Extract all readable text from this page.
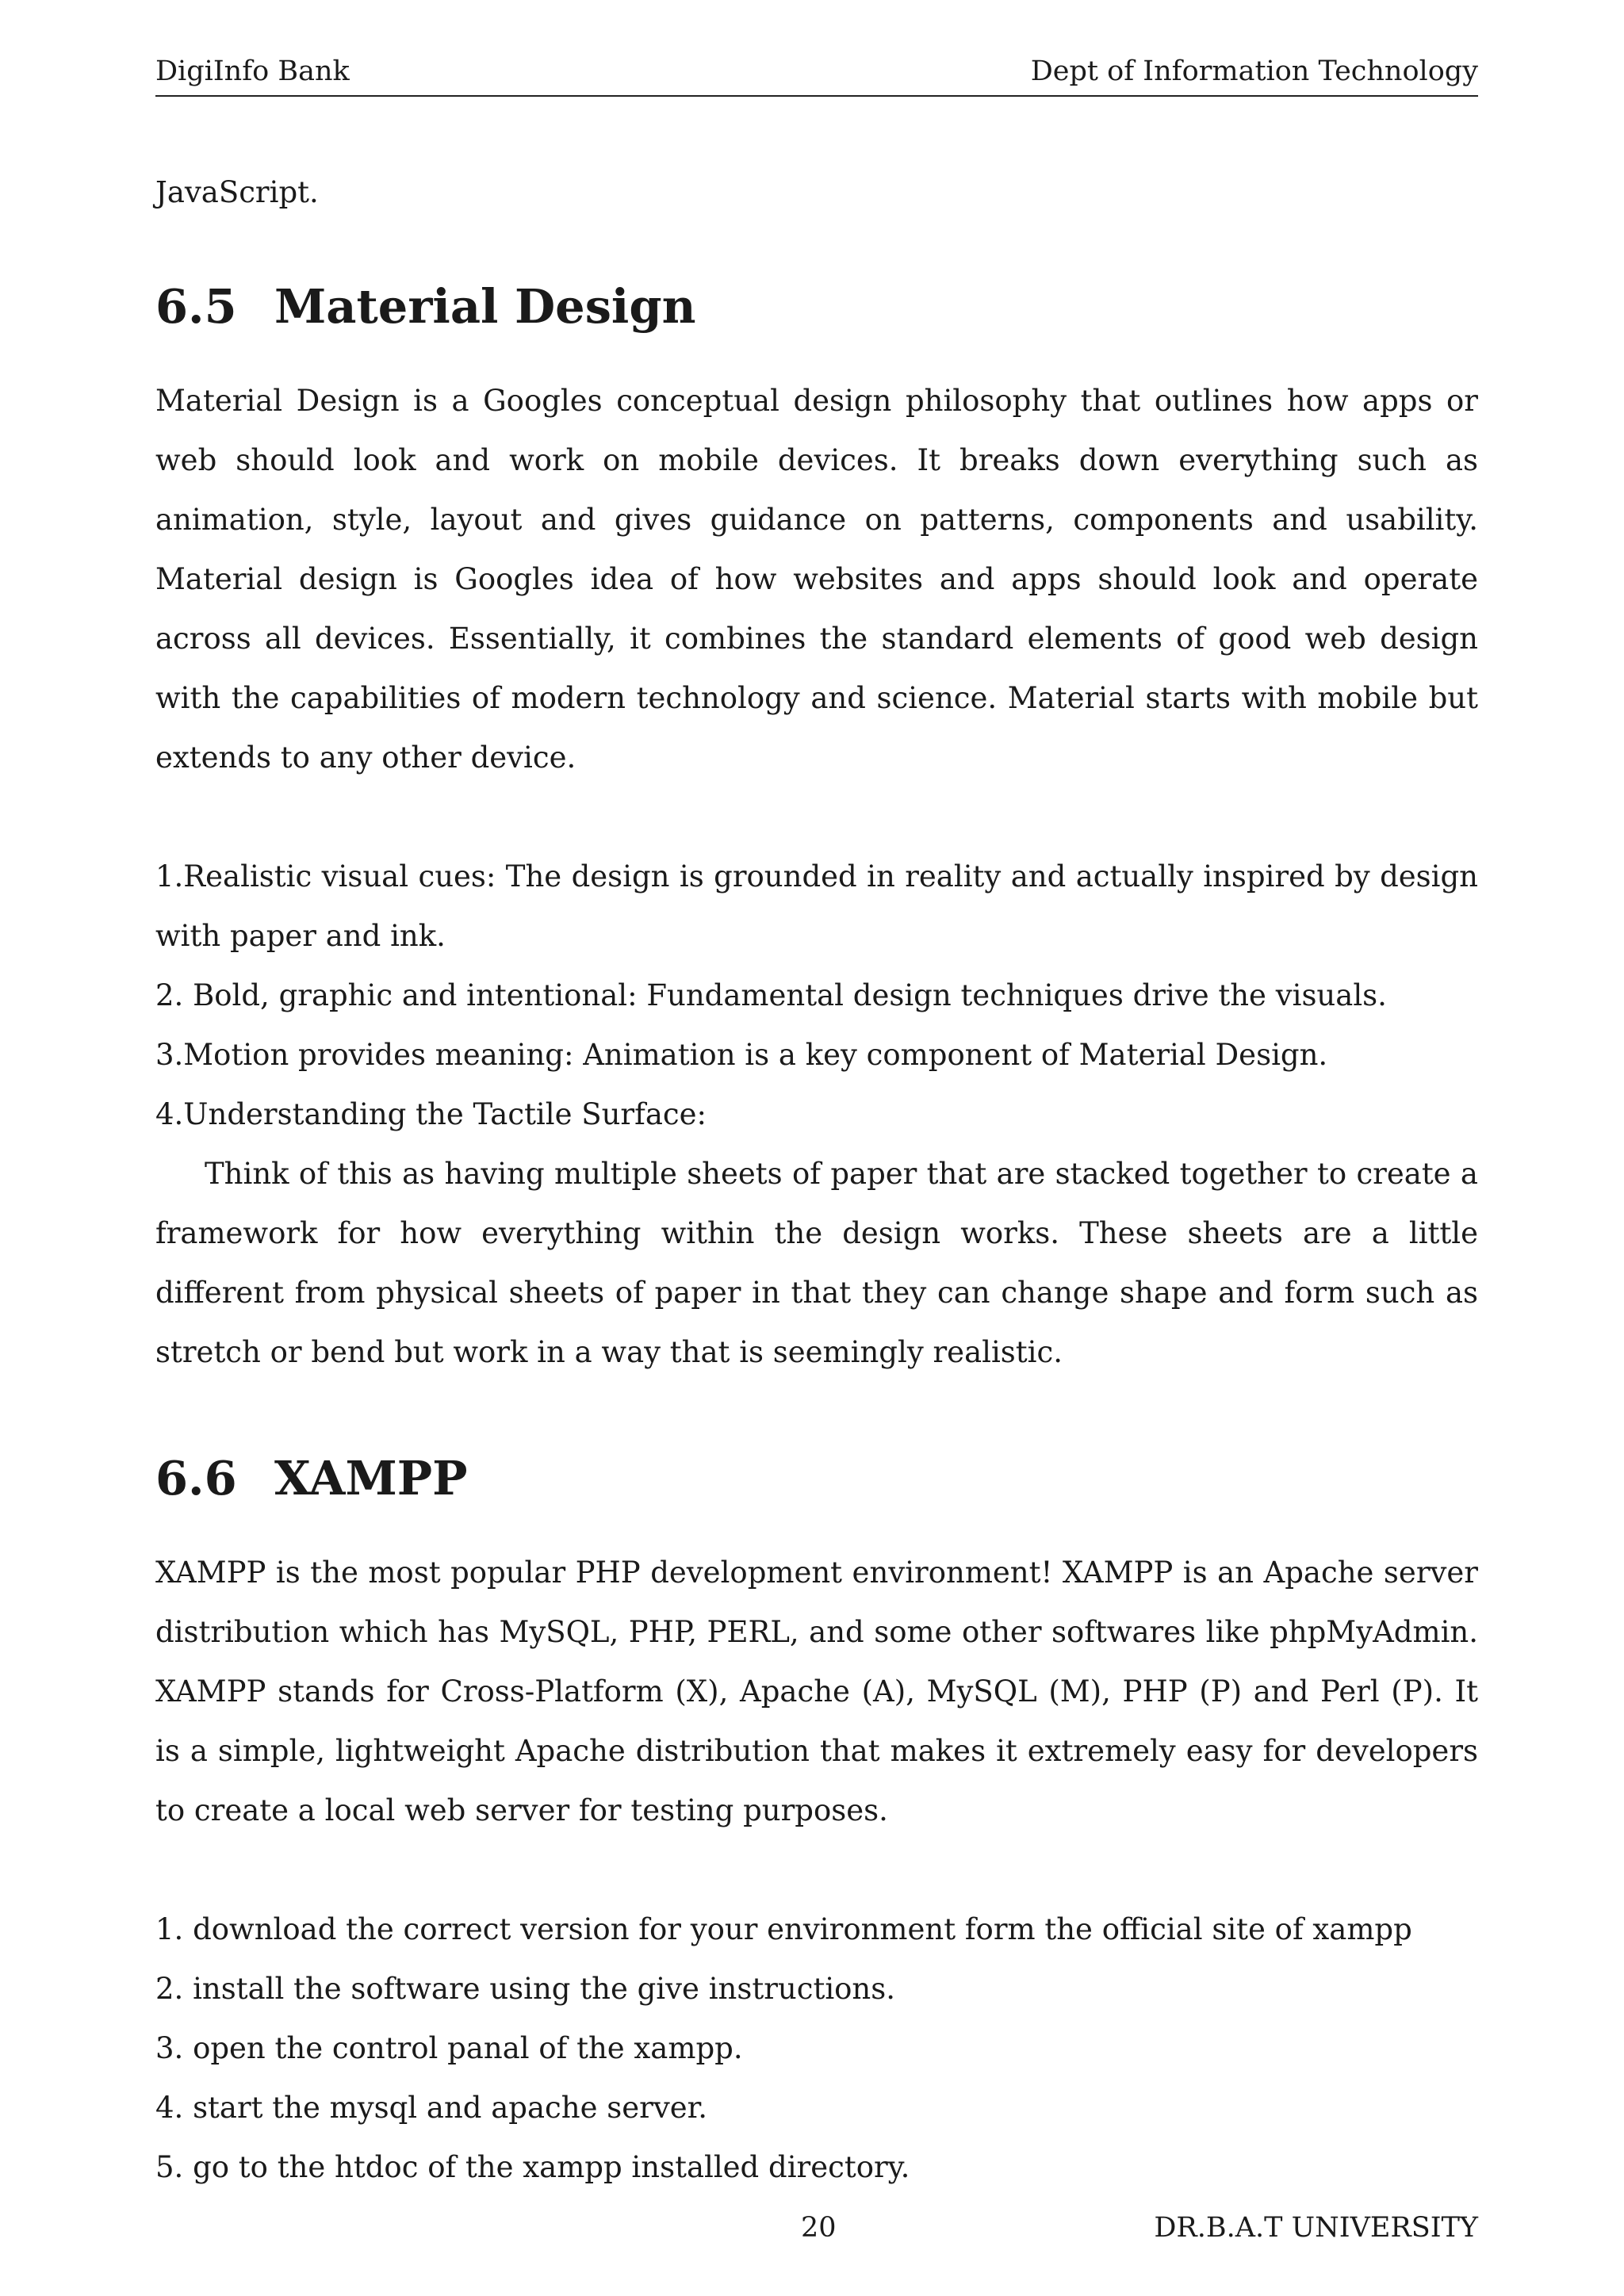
DigiInfo Bank	Dept of Information Technology

JavaScript.

6.5 Material Design

Material Design is a Googles conceptual design philosophy that outlines how apps or web should look and work on mobile devices. It breaks down everything such as animation, style, layout and gives guidance on patterns, components and usability. Material design is Googles idea of how websites and apps should look and operate across all devices. Essentially, it combines the standard elements of good web design with the capabilities of modern technology and science. Material starts with mobile but extends to any other device.

1.Realistic visual cues: The design is grounded in reality and actually inspired by design with paper and ink.
2. Bold, graphic and intentional: Fundamental design techniques drive the visuals.
3.Motion provides meaning: Animation is a key component of Material Design.
4.Understanding the Tactile Surface:

Think of this as having multiple sheets of paper that are stacked together to create a framework for how everything within the design works. These sheets are a little different from physical sheets of paper in that they can change shape and form such as stretch or bend but work in a way that is seemingly realistic.

6.6 XAMPP

XAMPP is the most popular PHP development environment! XAMPP is an Apache server distribution which has MySQL, PHP, PERL, and some other softwares like phpMyAdmin. XAMPP stands for Cross-Platform (X), Apache (A), MySQL (M), PHP (P) and Perl (P). It is a simple, lightweight Apache distribution that makes it extremely easy for developers to create a local web server for testing purposes.

1. download the correct version for your environment form the official site of xampp
2. install the software using the give instructions.
3. open the control panal of the xampp.
4. start the mysql and apache server.
5. go to the htdoc of the xampp installed directory.
20	DR.B.A.T UNIVERSITY
